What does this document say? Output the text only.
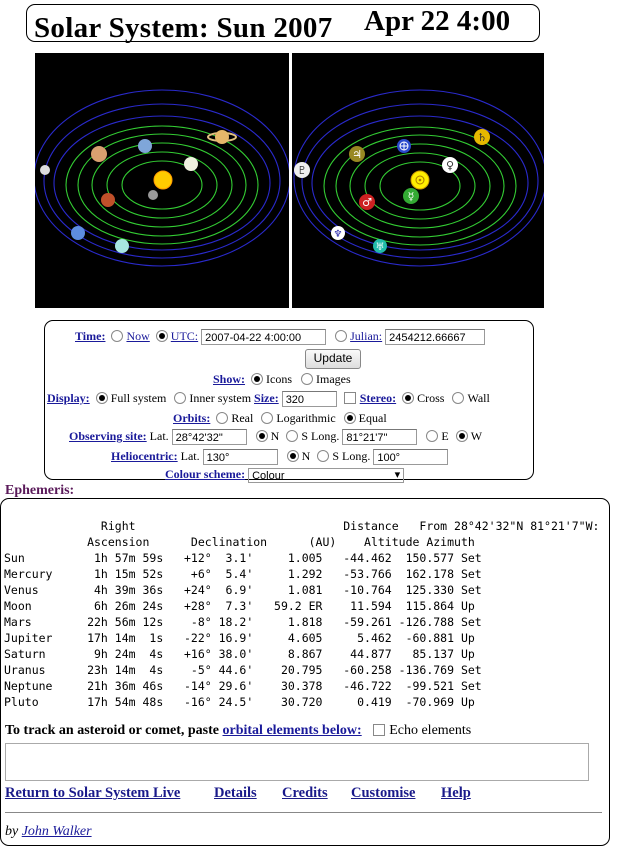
Solar System: Sun 2007 Apr 22 4:00
☿
♀
♂
♃
♄
♅
♆
♇
Time: Now UTC: 2007-04-22 4:00:00	Julian: 2454212.66667
Update
Show: Icons Images
Display: Full system Inner system Size: 320	Stereo: Cross Wall
Orbits: Real Logarithmic Equal
Observing site: Lat. 28°42'32"	N S Long. 81°21'7"	E W
Heliocentric: Lat. 130°	N S Long. 100°
Colour scheme: Colour ▾
Ephemeris:
Right                              Distance   From 28°42'32"N 81°21'7"W:
Ascension      Declination      (AU)    Altitude Azimuth
Sun          1h 57m 59s   +12°  3.1'     1.005   -44.462  150.577 Set
Mercury      1h 15m 52s    +6°  5.4'     1.292   -53.766  162.178 Set
Venus        4h 39m 36s   +24°  6.9'     1.081   -10.764  125.330 Set
Moon         6h 26m 24s   +28°  7.3'   59.2 ER    11.594  115.864 Up
Mars        22h 56m 12s    -8° 18.2'     1.818   -59.261 -126.788 Set
Jupiter     17h 14m  1s   -22° 16.9'     4.605     5.462  -60.881 Up
Saturn       9h 24m  4s   +16° 38.0'     8.867    44.877   85.137 Up
Uranus      23h 14m  4s    -5° 44.6'    20.795   -60.258 -136.769 Set
Neptune     21h 36m 46s   -14° 29.6'    30.378   -46.722  -99.521 Set
Pluto       17h 54m 48s   -16° 24.5'    30.720     0.419  -70.969 Up
To track an asteroid or comet, paste orbital elements below: Echo elements
Return to Solar System Live Details Credits Customise Help
by John Walker
